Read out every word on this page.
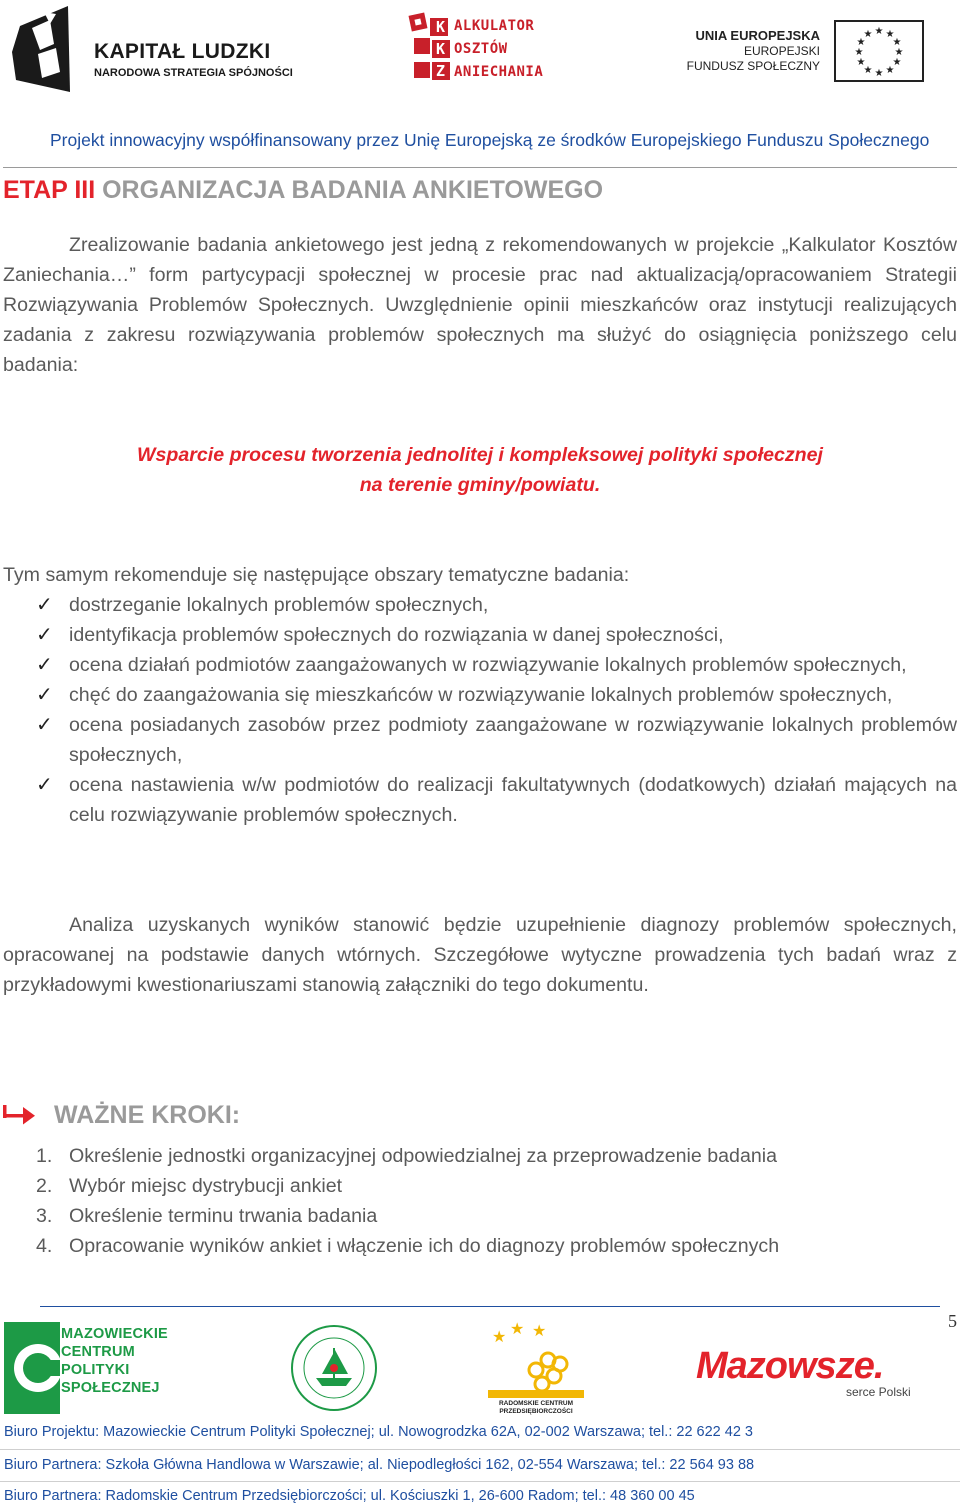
KAPITAŁ LUDZKI
NARODOWA STRATEGIA SPÓJNOŚCI
K
K
Z
ALKULATOR
OSZTÓW
ANIECHANIA
UNIA EUROPEJSKA
EUROPEJSKI
FUNDUSZ SPOŁECZNY
★ ★
★
★
★
★
★
★
★
★
★
★
Projekt innowacyjny współfinansowany przez Unię Europejską ze środków Europejskiego Funduszu Społecznego
ETAP III ORGANIZACJA BADANIA ANKIETOWEGO
Zrealizowanie badania ankietowego jest jedną z rekomendowanych w projekcie „Kalkulator Kosztów Zaniechania…” form partycypacji społecznej w procesie prac nad aktualizacją/opracowaniem Strategii Rozwiązywania Problemów Społecznych. Uwzględnienie opinii mieszkańców oraz instytucji realizujących zadania z zakresu rozwiązywania problemów społecznych ma służyć do osiągnięcia poniższego celu badania:
Wsparcie procesu tworzenia jednolitej i kompleksowej polityki społecznej
na terenie gminy/powiatu.
Tym samym rekomenduje się następujące obszary tematyczne badania:
✓ dostrzeganie lokalnych problemów społecznych,
✓ identyfikacja problemów społecznych do rozwiązania w danej społeczności,
✓ ocena działań podmiotów zaangażowanych w rozwiązywanie lokalnych problemów społecznych,
✓ chęć do zaangażowania się mieszkańców w rozwiązywanie lokalnych problemów społecznych,
✓ ocena posiadanych zasobów przez podmioty zaangażowane w rozwiązywanie lokalnych problemów społecznych,
✓ ocena nastawienia w/w podmiotów do realizacji fakultatywnych (dodatkowych) działań mających na celu rozwiązywanie problemów społecznych.
Analiza uzyskanych wyników stanowić będzie uzupełnienie diagnozy problemów społecznych, opracowanej na podstawie danych wtórnych. Szczegółowe wytyczne prowadzenia tych badań wraz z przykładowymi kwestionariuszami stanowią załączniki do tego dokumentu.
WAŻNE KROKI:
1. Określenie jednostki organizacyjnej odpowiedzialnej za przeprowadzenie badania
2. Wybór miejsc dystrybucji ankiet
3. Określenie terminu trwania badania
4. Opracowanie wyników ankiet i włączenie ich do diagnozy problemów społecznych
5
MAZOWIECKIE
CENTRUM
POLITYKI
SPOŁECZNEJ
★ ★ ★
RADOMSKIE CENTRUM
PRZEDSIĘBIORCZOŚCI
Mazowsze.
serce Polski
Biuro Projektu: Mazowieckie Centrum Polityki Społecznej; ul. Nowogrodzka 62A, 02-002 Warszawa; tel.: 22 622 42 3
Biuro Partnera: Szkoła Główna Handlowa w Warszawie; al. Niepodległości 162, 02-554 Warszawa; tel.: 22 564 93 88
Biuro Partnera: Radomskie Centrum Przedsiębiorczości; ul. Kościuszki 1, 26-600 Radom; tel.: 48 360 00 45
